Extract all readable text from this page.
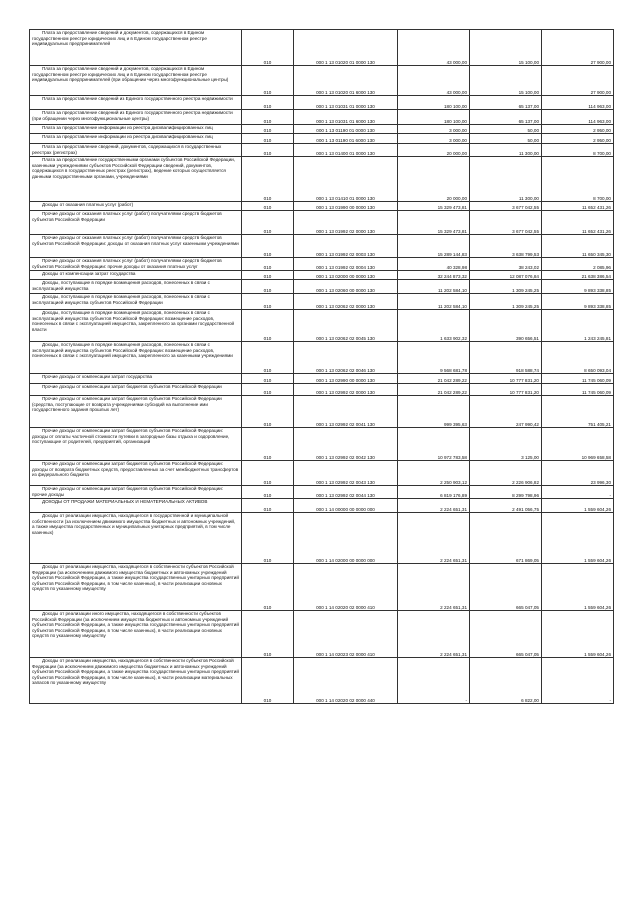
Плата за предоставление сведений и документов, содержащихся в Едином государственном реестре юридических лиц и в Едином государственном реестре индивидуальных предпринимателей	010	000 1 13 01020 01 0000 130	43 000,00	15 100,00	27 900,00

Плата за предоставление сведений и документов, содержащихся в Едином государственном реестре юридических лиц и в Едином государственном реестре индивидуальных предпринимателей (при обращении через многофункциональные центры)	010	000 1 13 01020 01 6000 130	43 000,00	15 100,00	27 900,00

Плата за предоставление сведений из Единого государственного реестра недвижимости	010	000 1 13 01031 01 0000 130	180 100,00	65 137,00	114 963,00

Плата за предоставление сведений из Единого государственного реестра недвижимости (при обращении через многофункциональные центры)	010	000 1 13 01031 01 6000 130	180 100,00	65 137,00	114 963,00

Плата за предоставление информации из реестра дисквалифицированных лиц	010	000 1 13 01190 01 0000 130	3 000,00	50,00	2 950,00

Плата за предоставление информации из реестра дисквалифицированных лиц	010	000 1 13 01190 01 6000 130	3 000,00	50,00	2 950,00

Плата за предоставление сведений, документов, содержащихся в государственных реестрах (регистрах)	010	000 1 13 01400 01 0000 130	20 000,00	11 300,00	8 700,00

Плата за предоставление государственными органами субъектов Российской Федерации, казенными учреждениями субъектов Российской Федерации сведений, документов, содержащихся в государственных реестрах (регистрах), ведение которых осуществляется данными государственными органами, учреждениями	010	000 1 13 01410 01 0000 130	20 000,00	11 300,00	8 700,00

Доходы от оказания платных услуг (работ)	010	000 1 13 01990 00 0000 130	15 329 473,81	3 677 042,55	11 652 431,26

Прочие доходы от оказания платных услуг (работ) получателями средств бюджетов субъектов Российской Федерации	010	000 1 13 01992 02 0000 130	15 329 473,81	3 677 042,55	11 652 431,26

Прочие доходы от оказания платных услуг (работ) получателями средств бюджетов субъектов Российской Федерации: доходы от оказания платных услуг казенными учреждениями	010	000 1 13 01992 02 0003 130	15 289 144,83	3 638 799,53	11 650 345,30

Прочие доходы от оказания платных услуг (работ) получателями средств бюджетов субъектов Российской Федерации: прочие доходы от оказания платных услуг	010	000 1 13 01992 02 0004 130	40 328,98	38 243,02	2 085,96

Доходы от компенсации затрат государства	010	000 1 13 02000 00 0000 130	32 244 873,32	12 087 076,84	21 638 386,54

Доходы, поступающие в порядке возмещения расходов, понесенных в связи с эксплуатацией имущества	010	000 1 13 02060 00 0000 130	11 202 584,10	1 309 245,25	9 893 338,85

Доходы, поступающие в порядке возмещения расходов, понесенных в связи с эксплуатацией имущества субъектов Российской Федерации	010	000 1 13 02062 02 0000 130	11 202 584,10	1 309 245,25	9 893 338,85

Доходы, поступающие в порядке возмещения расходов, понесенных в связи с эксплуатацией имущества субъектов Российской Федерации: возмещение расходов, понесенных в связи с эксплуатацией имущества, закрепленного за органами государственной власти	010	000 1 13 02062 02 0045 130	1 633 902,32	390 656,51	1 243 245,81

Доходы, поступающие в порядке возмещения расходов, понесенных в связи с эксплуатацией имущества субъектов Российской Федерации: возмещение расходов, понесенных в связи с эксплуатацией имущества, закрепленного за казенными учреждениями	010	000 1 13 02062 02 0046 130	9 568 681,78	918 588,74	8 650 093,04

Прочие доходы от компенсации затрат государства	010	000 1 13 02990 00 0000 130	21 042 289,22	10 777 831,20	11 745 060,09

Прочие доходы от компенсации затрат бюджетов субъектов Российской Федерации	010	000 1 13 02992 02 0000 130	21 042 289,22	10 777 831,20	11 745 060,09

Прочие доходы от компенсации затрат бюджетов субъектов Российской Федерации (средства, поступающие от возврата учреждениями субсидий на выполнение ими государственного задания прошлых лет)	010	000 1 13 02992 02 0041 130	999 395,63	247 990,42	751 405,21

Прочие доходы от компенсации затрат бюджетов субъектов Российской Федерации: доходы от оплаты частичной стоимости путевки в загородные базы отдыха и оздоровление, поступающие от родителей, предприятий, организаций	010	000 1 13 02992 02 0042 130	10 972 783,58	3 125,00	10 969 658,58

Прочие доходы от компенсации затрат бюджетов субъектов Российской Федерации: доходы от возврата бюджетных средств, предоставленных за счет межбюджетных трансфертов из федерального бюджета	010	000 1 13 02992 02 0043 130	2 250 903,12	2 226 906,82	23 996,30

Прочие доходы от компенсации затрат бюджетов субъектов Российской Федерации: прочие доходы	010	000 1 13 02992 02 0044 130	6 819 176,89	8 299 798,96	-

ДОХОДЫ ОТ ПРОДАЖИ МАТЕРИАЛЬНЫХ И НЕМАТЕРИАЛЬНЫХ АКТИВОВ	010	000 1 14 00000 00 0000 000	2 224 651,31	2 491 056,75	1 559 604,26

Доходы от реализации имущества, находящегося в государственной и муниципальной собственности (за исключением движимого имущества бюджетных и автономных учреждений, а также имущества государственных и муниципальных унитарных предприятий, в том числе казенных)	010	000 1 14 02000 00 0000 000	2 224 651,31	671 869,05	1 559 604,26

Доходы от реализации имущества, находящегося в собственности субъектов Российской Федерации (за исключением движимого имущества бюджетных и автономных учреждений субъектов Российской Федерации, а также имущества государственных унитарных предприятий субъектов Российской Федерации, в том числе казенных), в части реализации основных средств по указанному имуществу	010	000 1 14 02020 02 0000 410	2 224 651,31	665 047,05	1 559 604,26

Доходы от реализации иного имущества, находящегося в собственности субъектов Российской Федерации (за исключением имущества бюджетных и автономных учреждений субъектов Российской Федерации, а также имущества государственных унитарных предприятий субъектов Российской Федерации, в том числе казенных), в части реализации основных средств по указанному имуществу	010	000 1 14 02023 02 0000 410	2 224 651,31	665 047,05	1 559 604,26

Доходы от реализации имущества, находящегося в собственности субъектов Российской Федерации (за исключением движимого имущества бюджетных и автономных учреждений субъектов Российской Федерации, а также имущества государственных унитарных предприятий субъектов Российской Федерации, в том числе казенных), в части реализации материальных запасов по указанному имуществу	010	000 1 14 02020 02 0000 440	-	6 822,00	-
